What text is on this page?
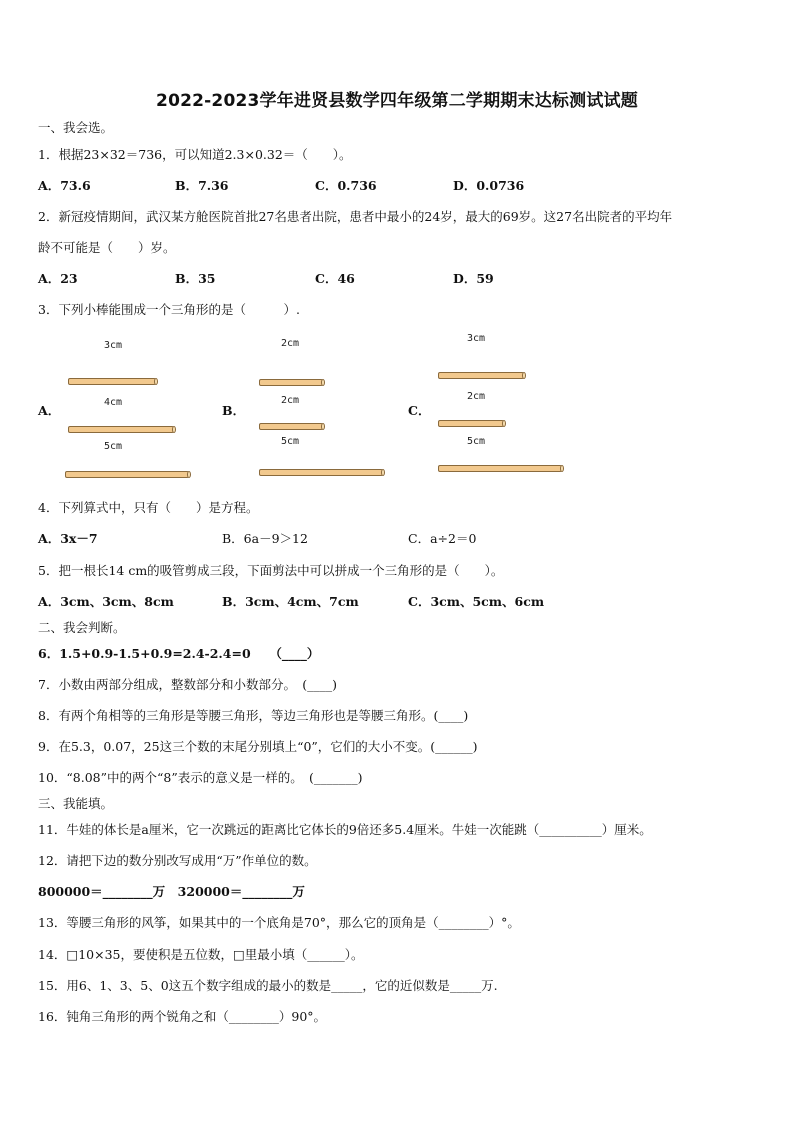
2022-2023学年进贤县数学四年级第二学期期末达标测试试题
一、我会选。
1．根据23×32＝736，可以知道2.3×0.32＝（　　）。
A．73.6	B．7.36	C．0.736	D．0.0736
2．新冠疫情期间，武汉某方舱医院首批27名患者出院，患者中最小的24岁，最大的69岁。这27名出院者的平均年
龄不可能是（　　）岁。
A．23	B．35	C．46	D．59
3．下列小棒能围成一个三角形的是（　　　）.
A．
3cm
4cm
5cm
B．
2cm
2cm
5cm
C．
3cm
2cm
5cm
4．下列算式中，只有（　　）是方程。
A．3x－7	B．6a－9＞12	C．a÷2＝0
5．把一根长14 cm的吸管剪成三段，下面剪法中可以拼成一个三角形的是（　　）。
A．3cm、3cm、8cm	B．3cm、4cm、7cm	C．3cm、5cm、6cm
二、我会判断。
6．1.5+0.9-1.5+0.9=2.4-2.4=0　　（____）
7．小数由两部分组成，整数部分和小数部分。　(____)
8．有两个角相等的三角形是等腰三角形，等边三角形也是等腰三角形。(____)
9．在5.3，0.07，25这三个数的末尾分别填上“0”，它们的大小不变。(______)
10．“8.08”中的两个“8”表示的意义是一样的。　(_______)
三、我能填。
11．牛娃的体长是a厘米，它一次跳远的距离比它体长的9倍还多5.4厘米。牛娃一次能跳（__________）厘米。
12．请把下边的数分别改写成用“万”作单位的数。
800000＝________万　320000＝________万
13．等腰三角形的风筝，如果其中的一个底角是70°，那么它的顶角是（________）°。
14．□10×35，要使积是五位数，□里最小填（______）。
15．用6、1、3、5、0这五个数字组成的最小的数是_____，它的近似数是_____万.
16．钝角三角形的两个锐角之和（________）90°。
